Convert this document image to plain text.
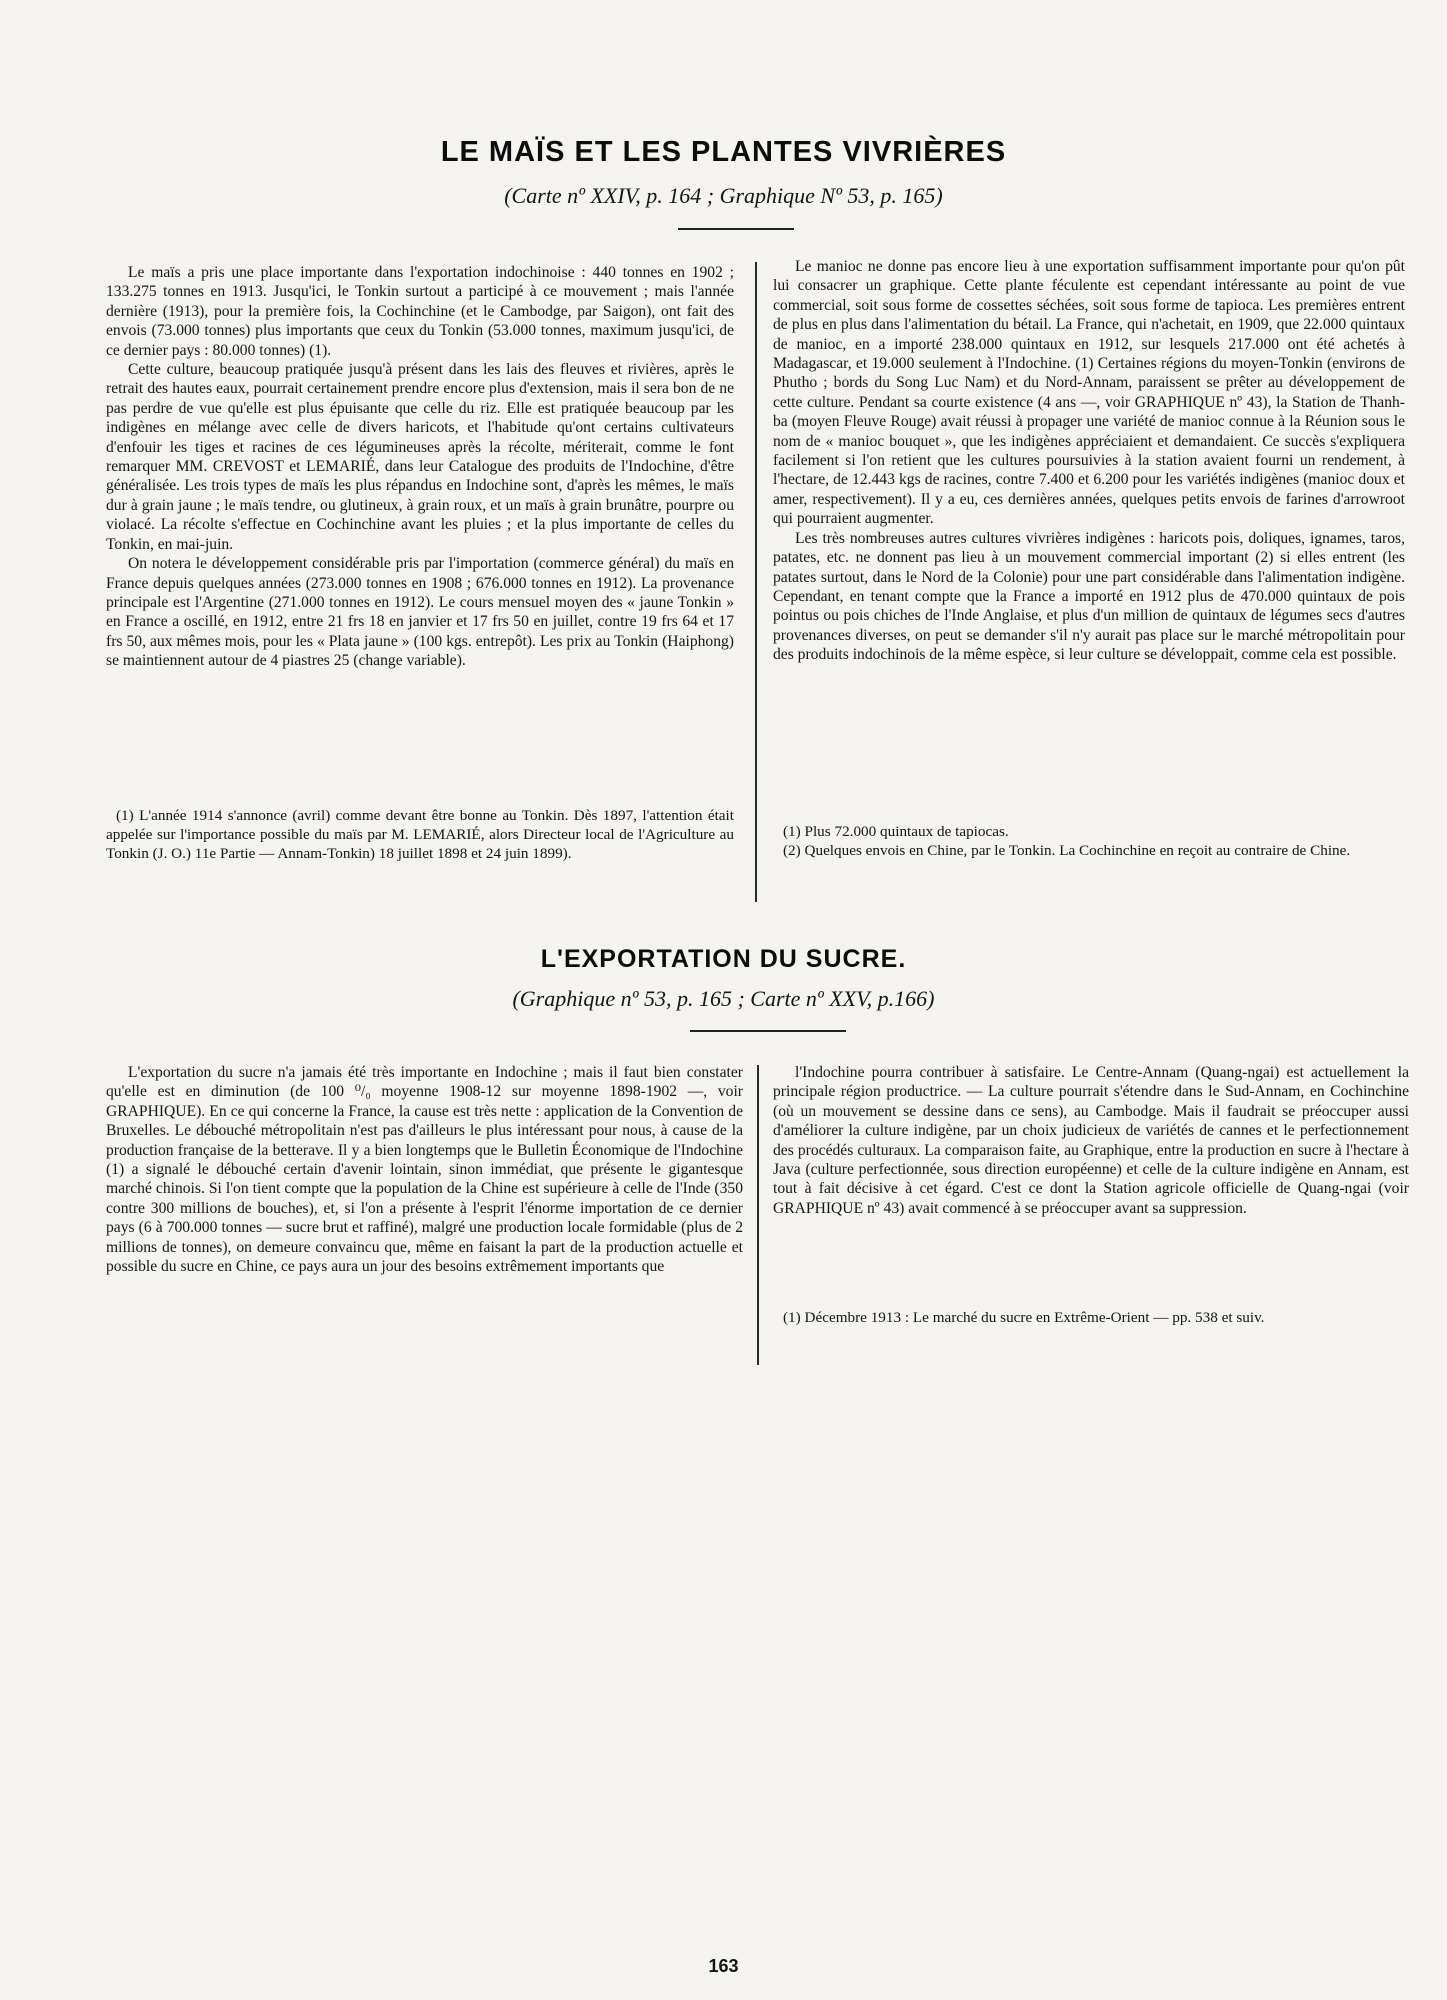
LE MAÏS ET LES PLANTES VIVRIÈRES
(Carte nº XXIV, p. 164 ; Graphique Nº 53, p. 165)

Le maïs a pris une place importante dans l'exportation indochinoise : 440 tonnes en 1902 ; 133.275 tonnes en 1913. Jusqu'ici, le Tonkin surtout a participé à ce mouvement ; mais l'année dernière (1913), pour la première fois, la Cochinchine (et le Cambodge, par Saigon), ont fait des envois (73.000 tonnes) plus importants que ceux du Tonkin (53.000 tonnes, maximum jusqu'ici, de ce dernier pays : 80.000 tonnes) (1).

Cette culture, beaucoup pratiquée jusqu'à présent dans les lais des fleuves et rivières, après le retrait des hautes eaux, pourrait certainement prendre encore plus d'extension, mais il sera bon de ne pas perdre de vue qu'elle est plus épuisante que celle du riz. Elle est pratiquée beaucoup par les indigènes en mélange avec celle de divers haricots, et l'habitude qu'ont certains cultivateurs d'enfouir les tiges et racines de ces légumineuses après la récolte, mériterait, comme le font remarquer MM. CREVOST et LEMARIÉ, dans leur Catalogue des produits de l'Indochine, d'être généralisée. Les trois types de maïs les plus répandus en Indochine sont, d'après les mêmes, le maïs dur à grain jaune ; le maïs tendre, ou glutineux, à grain roux, et un maïs à grain brunâtre, pourpre ou violacé. La récolte s'effectue en Cochinchine avant les pluies ; et la plus importante de celles du Tonkin, en mai-juin.

On notera le développement considérable pris par l'importation (commerce général) du maïs en France depuis quelques années (273.000 tonnes en 1908 ; 676.000 tonnes en 1912). La provenance principale est l'Argentine (271.000 tonnes en 1912). Le cours mensuel moyen des « jaune Tonkin » en France a oscillé, en 1912, entre 21 frs 18 en janvier et 17 frs 50 en juillet, contre 19 frs 64 et 17 frs 50, aux mêmes mois, pour les « Plata jaune » (100 kgs. entrepôt). Les prix au Tonkin (Haiphong) se maintiennent autour de 4 piastres 25 (change variable).

(1) L'année 1914 s'annonce (avril) comme devant être bonne au Tonkin. Dès 1897, l'attention était appelée sur l'importance possible du maïs par M. LEMARIÉ, alors Directeur local de l'Agriculture au Tonkin (J. O.) 11e Partie — Annam-Tonkin) 18 juillet 1898 et 24 juin 1899).

Le manioc ne donne pas encore lieu à une exportation suffisamment importante pour qu'on pût lui consacrer un graphique. Cette plante féculente est cependant intéressante au point de vue commercial, soit sous forme de cossettes séchées, soit sous forme de tapioca. Les premières entrent de plus en plus dans l'alimentation du bétail. La France, qui n'achetait, en 1909, que 22.000 quintaux de manioc, en a importé 238.000 quintaux en 1912, sur lesquels 217.000 ont été achetés à Madagascar, et 19.000 seulement à l'Indochine. (1) Certaines régions du moyen-Tonkin (environs de Phutho ; bords du Song Luc Nam) et du Nord-Annam, paraissent se prêter au développement de cette culture. Pendant sa courte existence (4 ans —, voir GRAPHIQUE nº 43), la Station de Thanh-ba (moyen Fleuve Rouge) avait réussi à propager une variété de manioc connue à la Réunion sous le nom de « manioc bouquet », que les indigènes appréciaient et demandaient. Ce succès s'expliquera facilement si l'on retient que les cultures poursuivies à la station avaient fourni un rendement, à l'hectare, de 12.443 kgs de racines, contre 7.400 et 6.200 pour les variétés indigènes (manioc doux et amer, respectivement). Il y a eu, ces dernières années, quelques petits envois de farines d'arrowroot qui pourraient augmenter.

Les très nombreuses autres cultures vivrières indigènes : haricots pois, doliques, ignames, taros, patates, etc. ne donnent pas lieu à un mouvement commercial important (2) si elles entrent (les patates surtout, dans le Nord de la Colonie) pour une part considérable dans l'alimentation indigène. Cependant, en tenant compte que la France a importé en 1912 plus de 470.000 quintaux de pois pointus ou pois chiches de l'Inde Anglaise, et plus d'un million de quintaux de légumes secs d'autres provenances diverses, on peut se demander s'il n'y aurait pas place sur le marché métropolitain pour des produits indochinois de la même espèce, si leur culture se développait, comme cela est possible.

(1) Plus 72.000 quintaux de tapiocas.

(2) Quelques envois en Chine, par le Tonkin. La Cochinchine en reçoit au contraire de Chine.

L'EXPORTATION DU SUCRE.
(Graphique nº 53, p. 165 ; Carte nº XXV, p.166)

L'exportation du sucre n'a jamais été très importante en Indochine ; mais il faut bien constater qu'elle est en diminution (de 100 ⁰/₀ moyenne 1908-12 sur moyenne 1898-1902 —, voir GRAPHIQUE). En ce qui concerne la France, la cause est très nette : application de la Convention de Bruxelles. Le débouché métropolitain n'est pas d'ailleurs le plus intéressant pour nous, à cause de la production française de la betterave. Il y a bien longtemps que le Bulletin Économique de l'Indochine (1) a signalé le débouché certain d'avenir lointain, sinon immédiat, que présente le gigantesque marché chinois. Si l'on tient compte que la population de la Chine est supérieure à celle de l'Inde (350 contre 300 millions de bouches), et, si l'on a présente à l'esprit l'énorme importation de ce dernier pays (6 à 700.000 tonnes — sucre brut et raffiné), malgré une production locale formidable (plus de 2 millions de tonnes), on demeure convaincu que, même en faisant la part de la production actuelle et possible du sucre en Chine, ce pays aura un jour des besoins extrêmement importants que

l'Indochine pourra contribuer à satisfaire. Le Centre-Annam (Quang-ngai) est actuellement la principale région productrice. — La culture pourrait s'étendre dans le Sud-Annam, en Cochinchine (où un mouvement se dessine dans ce sens), au Cambodge. Mais il faudrait se préoccuper aussi d'améliorer la culture indigène, par un choix judicieux de variétés de cannes et le perfectionnement des procédés culturaux. La comparaison faite, au Graphique, entre la production en sucre à l'hectare à Java (culture perfectionnée, sous direction européenne) et celle de la culture indigène en Annam, est tout à fait décisive à cet égard. C'est ce dont la Station agricole officielle de Quang-ngai (voir GRAPHIQUE nº 43) avait commencé à se préoccuper avant sa suppression.

(1) Décembre 1913 : Le marché du sucre en Extrême-Orient — pp. 538 et suiv.

163
